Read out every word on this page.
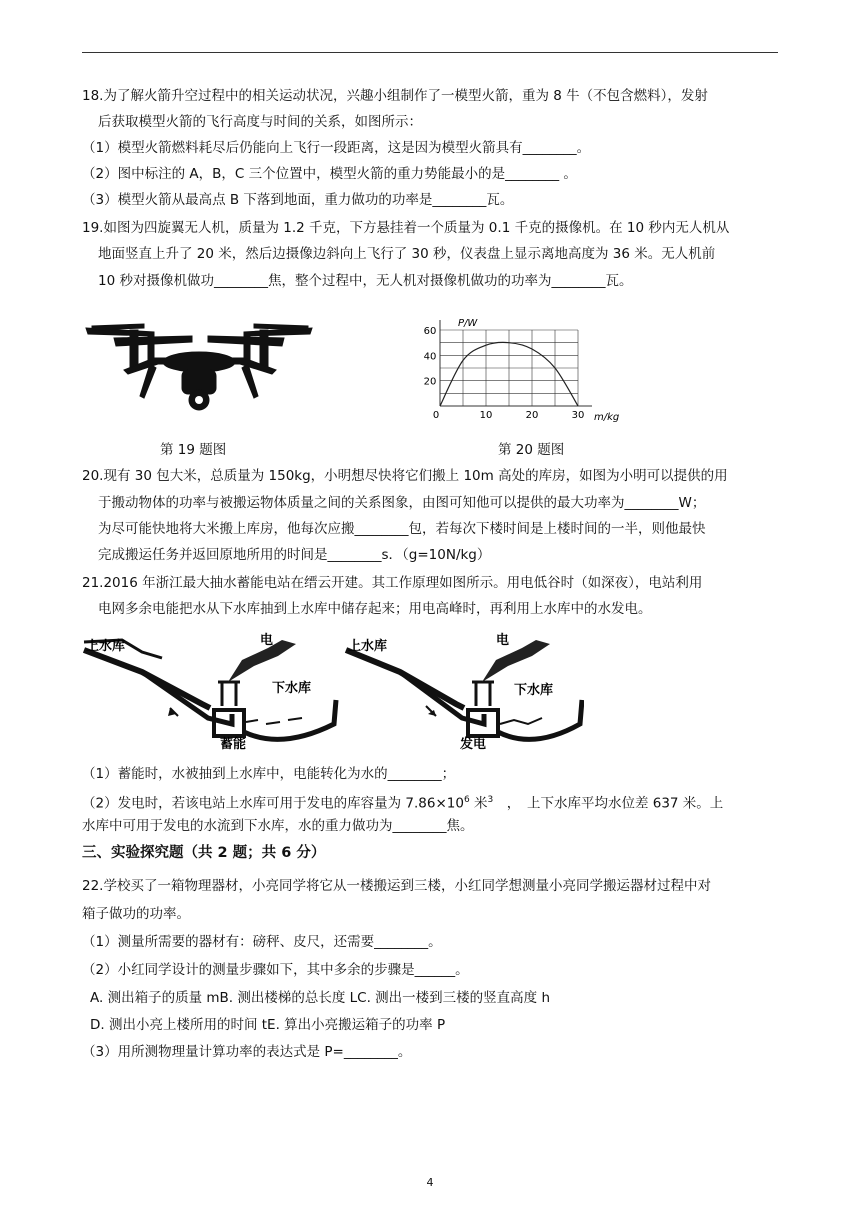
18.为了解火箭升空过程中的相关运动状况，兴趣小组制作了一模型火箭，重为 8 牛（不包含燃料），发射
后获取模型火箭的飞行高度与时间的关系，如图所示：
（1）模型火箭燃料耗尽后仍能向上飞行一段距离，这是因为模型火箭具有________。
（2）图中标注的 A，B，C 三个位置中，模型火箭的重力势能最小的是________ 。
（3）模型火箭从最高点 B 下落到地面，重力做功的功率是________瓦。
19.如图为四旋翼无人机，质量为 1.2 千克，下方悬挂着一个质量为 0.1 千克的摄像机。在 10 秒内无人机从
地面竖直上升了 20 米，然后边摄像边斜向上飞行了 30 秒，仪表盘上显示离地高度为 36 米。无人机前
10 秒对摄像机做功________焦，整个过程中，无人机对摄像机做功的功率为________瓦。
0	10	20	30
20
40
60
P/W
m/kg
第 19 题图	第 20 题图
20.现有 30 包大米，总质量为 150kg，小明想尽快将它们搬上 10m 高处的库房，如图为小明可以提供的用
于搬动物体的功率与被搬运物体质量之间的关系图象，由图可知他可以提供的最大功率为________W；
为尽可能快地将大米搬上库房，他每次应搬________包，若每次下楼时间是上楼时间的一半，则他最快
完成搬运任务并返回原地所用的时间是________s．（g=10N/kg）
21.2016 年浙江最大抽水蓄能电站在缙云开建。其工作原理如图所示。用电低谷时（如深夜），电站利用
电网多余电能把水从下水库抽到上水库中储存起来；用电高峰时，再利用上水库中的水发电。
上水库	电
下水库
蓄能
上水库	电
下水库
发电
（1）蓄能时，水被抽到上水库中，电能转化为水的________；
（2）发电时，若该电站上水库可用于发电的库容量为 $7.86\times 10^6$ 米$^3$　，　上下水库平均水位差 637 米。上
水库中可用于发电的水流到下水库，水的重力做功为________焦。
三、实验探究题（共 2 题；共 6 分）
22.学校买了一箱物理器材，小亮同学将它从一楼搬运到三楼，小红同学想测量小亮同学搬运器材过程中对
箱子做功的功率。
（1）测量所需要的器材有：磅秤、皮尺，还需要________。
（2）小红同学设计的测量步骤如下，其中多余的步骤是______。
A. 测出箱子的质量 mB. 测出楼梯的总长度 LC. 测出一楼到三楼的竖直高度 h
D. 测出小亮上楼所用的时间 tE. 算出小亮搬运箱子的功率 P
（3）用所测物理量计算功率的表达式是 P=________。
4
